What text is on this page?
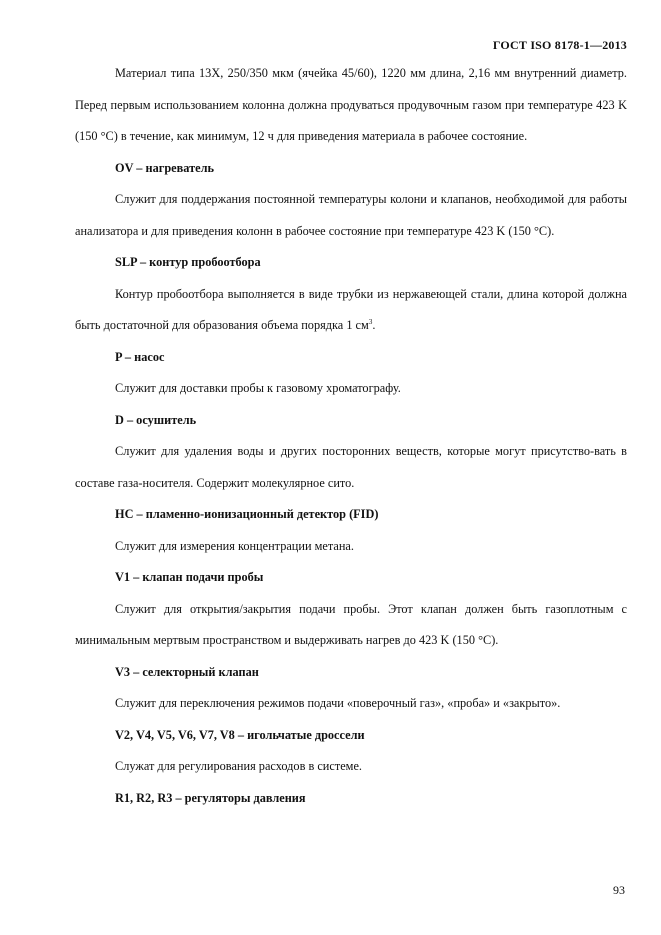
ГОСТ ISO 8178-1—2013

Материал типа 13X, 250/350 мкм (ячейка 45/60), 1220 мм длина, 2,16 мм внутренний диаметр. Перед первым использованием колонна должна продуваться продувочным газом при температуре 423 K (150 °C) в течение, как минимум, 12 ч для приведения материала в рабочее состояние.

OV – нагреватель

Служит для поддержания постоянной температуры колони и клапанов, необходимой для работы анализатора и для приведения колонн в рабочее состояние при температуре 423 K (150 °C).

SLP – контур пробоотбора

Контур пробоотбора выполняется в виде трубки из нержавеющей стали, длина которой должна быть достаточной для образования объема порядка 1 $см^3$.

P – насос

Служит для доставки пробы к газовому хроматографу.

D – осушитель

Служит для удаления воды и других посторонних веществ, которые могут присутство-вать в составе газа-носителя. Содержит молекулярное сито.

HC – пламенно-ионизационный детектор (FID)

Служит для измерения концентрации метана.

V1 – клапан подачи пробы

Служит для открытия/закрытия подачи пробы. Этот клапан должен быть газоплотным с минимальным мертвым пространством и выдерживать нагрев до 423 K (150 °C).

V3 – селекторный клапан

Служит для переключения режимов подачи «поверочный газ», «проба» и «закрыто».

V2, V4, V5, V6, V7, V8 – игольчатые дроссели

Служат для регулирования расходов в системе.

R1, R2, R3 – регуляторы давления

93
